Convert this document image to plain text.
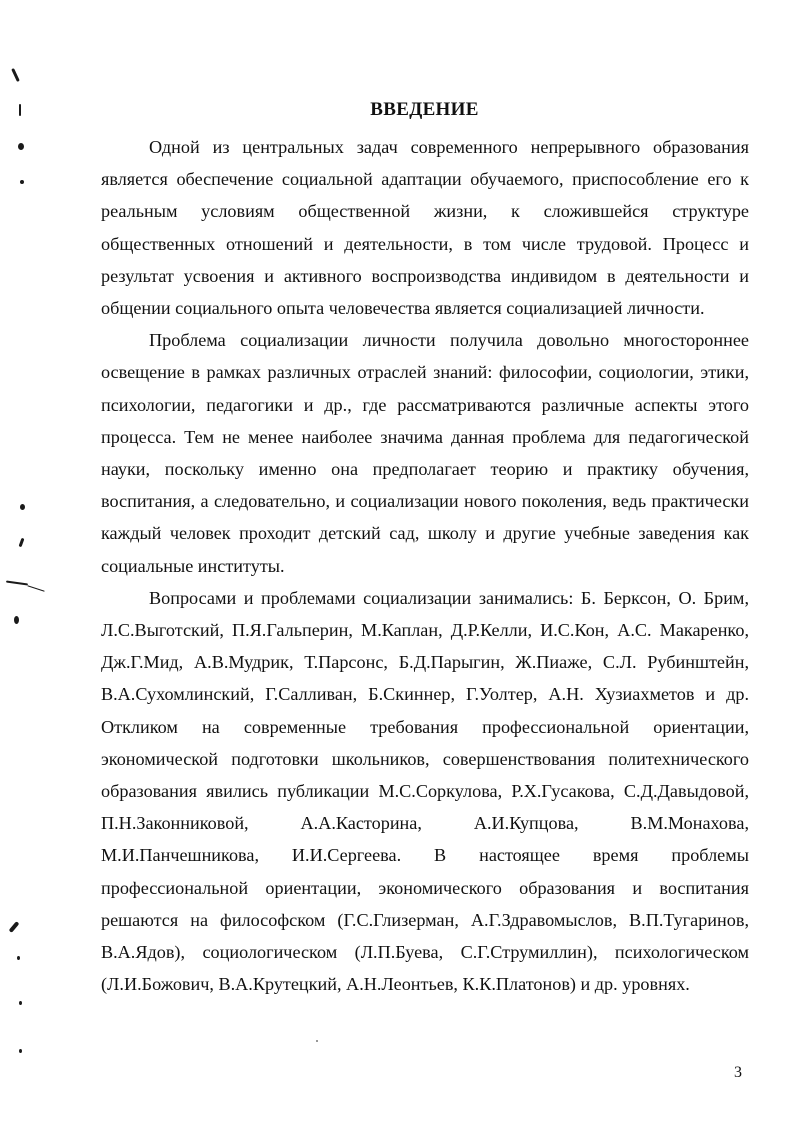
ВВЕДЕНИЕ

Одной из центральных задач современного непрерывного образования является обеспечение социальной адаптации обучаемого, приспособление его к реальным условиям общественной жизни, к сложившейся структуре общественных отношений и деятельности, в том числе трудовой. Процесс и результат усвоения и активного воспроизводства индивидом в деятельности и общении социального опыта человечества является социализацией личности.

Проблема социализации личности получила довольно многостороннее освещение в рамках различных отраслей знаний: философии, социологии, этики, психологии, педагогики и др., где рассматриваются различные аспекты этого процесса. Тем не менее наиболее значима данная проблема для педагогической науки, поскольку именно она предполагает теорию и практику обучения, воспитания, а следовательно, и социализации нового поколения, ведь практически каждый человек проходит детский сад, школу и другие учебные заведения как социальные институты.

Вопросами и проблемами социализации занимались: Б. Берксон, О. Брим, Л.С.Выготский, П.Я.Гальперин, М.Каплан, Д.Р.Келли, И.С.Кон, А.С. Макаренко, Дж.Г.Мид, А.В.Мудрик, Т.Парсонс, Б.Д.Парыгин, Ж.Пиаже, С.Л. Рубинштейн, В.А.Сухомлинский, Г.Салливан, Б.Скиннер, Г.Уолтер, А.Н. Хузиахметов и др. Откликом на современные требования профессиональной ориентации, экономической подготовки школьников, совершенствования политехнического образования явились публикации М.С.Соркулова, Р.Х.Гусакова, С.Д.Давыдовой, П.Н.Законниковой, А.А.Касторина, А.И.Купцова, В.М.Монахова, М.И.Панчешникова, И.И.Сергеева. В настоящее время проблемы профессиональной ориентации, экономического образования и воспитания решаются на философском (Г.С.Глизерман, А.Г.Здравомыслов, В.П.Тугаринов, В.А.Ядов), социологическом (Л.П.Буева, С.Г.Струмиллин), психологическом (Л.И.Божович, В.А.Крутецкий, А.Н.Леонтьев, К.К.Платонов) и др. уровнях.

3
